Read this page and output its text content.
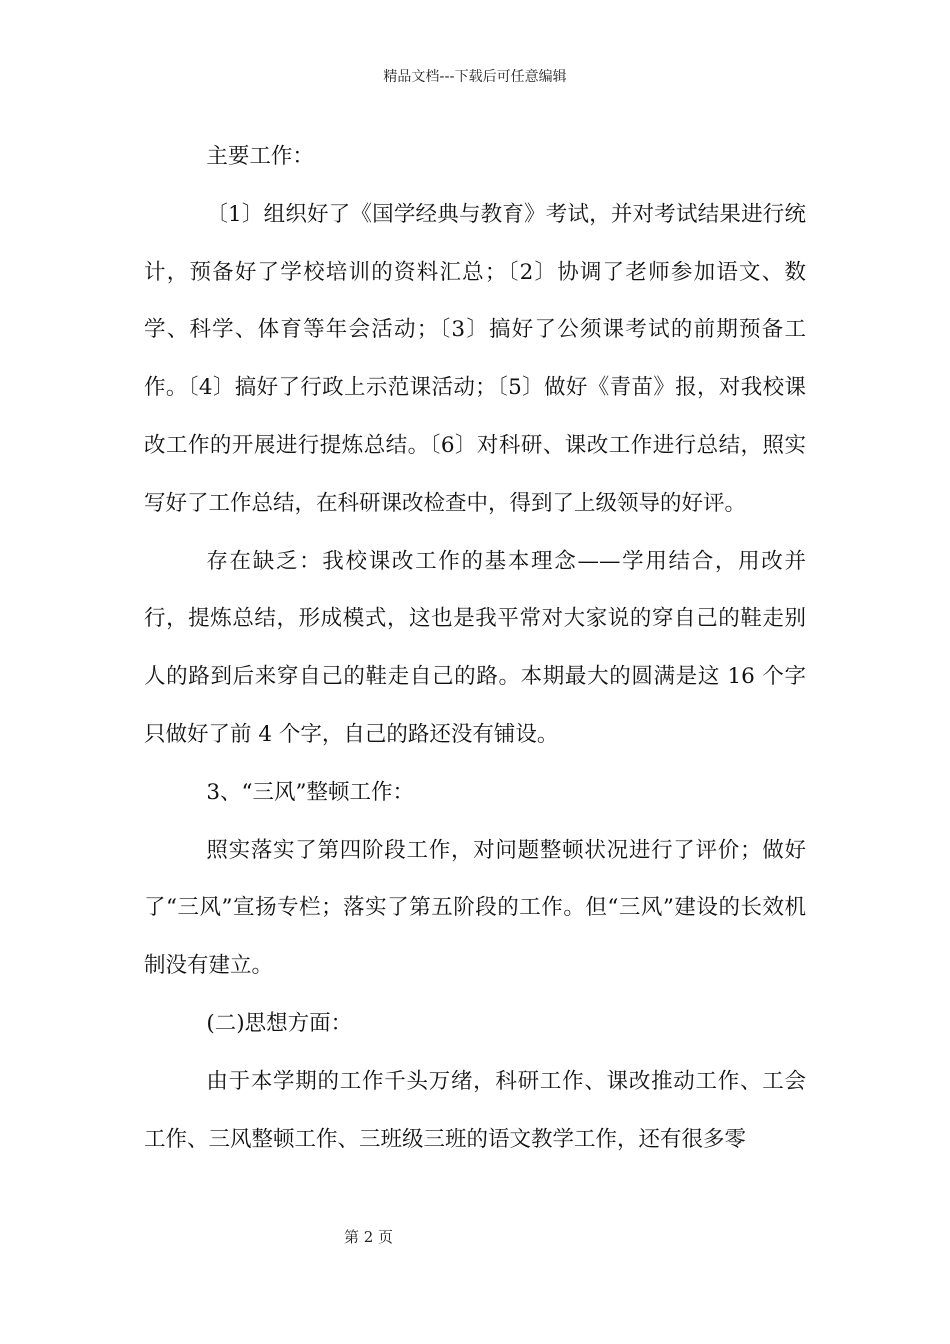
精品文档---下载后可任意编辑

主要工作：

〔1〕组织好了《国学经典与教育》考试，并对考试结果进行统计，预备好了学校培训的资料汇总；〔2〕协调了老师参加语文、数学、科学、体育等年会活动；〔3〕搞好了公须课考试的前期预备工作。〔4〕搞好了行政上示范课活动；〔5〕做好《青苗》报，对我校课改工作的开展进行提炼总结。〔6〕对科研、课改工作进行总结，照实写好了工作总结，在科研课改检查中，得到了上级领导的好评。

存在缺乏：我校课改工作的基本理念——学用结合，用改并行，提炼总结，形成模式，这也是我平常对大家说的穿自己的鞋走别人的路到后来穿自己的鞋走自己的路。本期最大的圆满是这 16 个字只做好了前 4 个字，自己的路还没有铺设。

3、“三风”整顿工作：

照实落实了第四阶段工作，对问题整顿状况进行了评价；做好了“三风”宣扬专栏；落实了第五阶段的工作。但“三风”建设的长效机制没有建立。

(二)思想方面：

由于本学期的工作千头万绪，科研工作、课改推动工作、工会工作、三风整顿工作、三班级三班的语文教学工作，还有很多零

第 2 页
